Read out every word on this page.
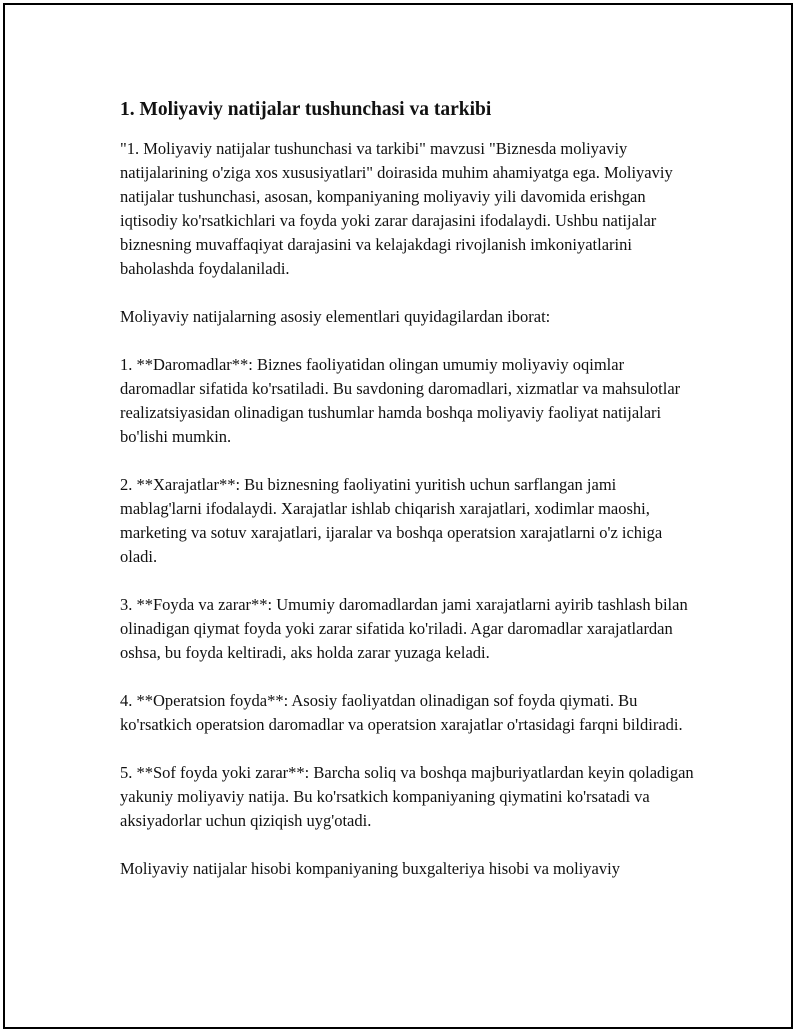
1. Moliyaviy natijalar tushunchasi va tarkibi

"1. Moliyaviy natijalar tushunchasi va tarkibi" mavzusi "Biznesda moliyaviy natijalarining o'ziga xos xususiyatlari" doirasida muhim ahamiyatga ega. Moliyaviy natijalar tushunchasi, asosan, kompaniyaning moliyaviy yili davomida erishgan iqtisodiy ko'rsatkichlari va foyda yoki zarar darajasini ifodalaydi. Ushbu natijalar biznesning muvaffaqiyat darajasini va kelajakdagi rivojlanish imkoniyatlarini baholashda foydalaniladi.

Moliyaviy natijalarning asosiy elementlari quyidagilardan iborat:

1. **Daromadlar**: Biznes faoliyatidan olingan umumiy moliyaviy oqimlar daromadlar sifatida ko'rsatiladi. Bu savdoning daromadlari, xizmatlar va mahsulotlar realizatsiyasidan olinadigan tushumlar hamda boshqa moliyaviy faoliyat natijalari bo'lishi mumkin.

2. **Xarajatlar**: Bu biznesning faoliyatini yuritish uchun sarflangan jami mablag'larni ifodalaydi. Xarajatlar ishlab chiqarish xarajatlari, xodimlar maoshi, marketing va sotuv xarajatlari, ijaralar va boshqa operatsion xarajatlarni o'z ichiga oladi.

3. **Foyda va zarar**: Umumiy daromadlardan jami xarajatlarni ayirib tashlash bilan olinadigan qiymat foyda yoki zarar sifatida ko'riladi. Agar daromadlar xarajatlardan oshsa, bu foyda keltiradi, aks holda zarar yuzaga keladi.

4. **Operatsion foyda**: Asosiy faoliyatdan olinadigan sof foyda qiymati. Bu ko'rsatkich operatsion daromadlar va operatsion xarajatlar o'rtasidagi farqni bildiradi.

5. **Sof foyda yoki zarar**: Barcha soliq va boshqa majburiyatlardan keyin qoladigan yakuniy moliyaviy natija. Bu ko'rsatkich kompaniyaning qiymatini ko'rsatadi va aksiyadorlar uchun qiziqish uyg'otadi.

Moliyaviy natijalar hisobi kompaniyaning buxgalteriya hisobi va moliyaviy
